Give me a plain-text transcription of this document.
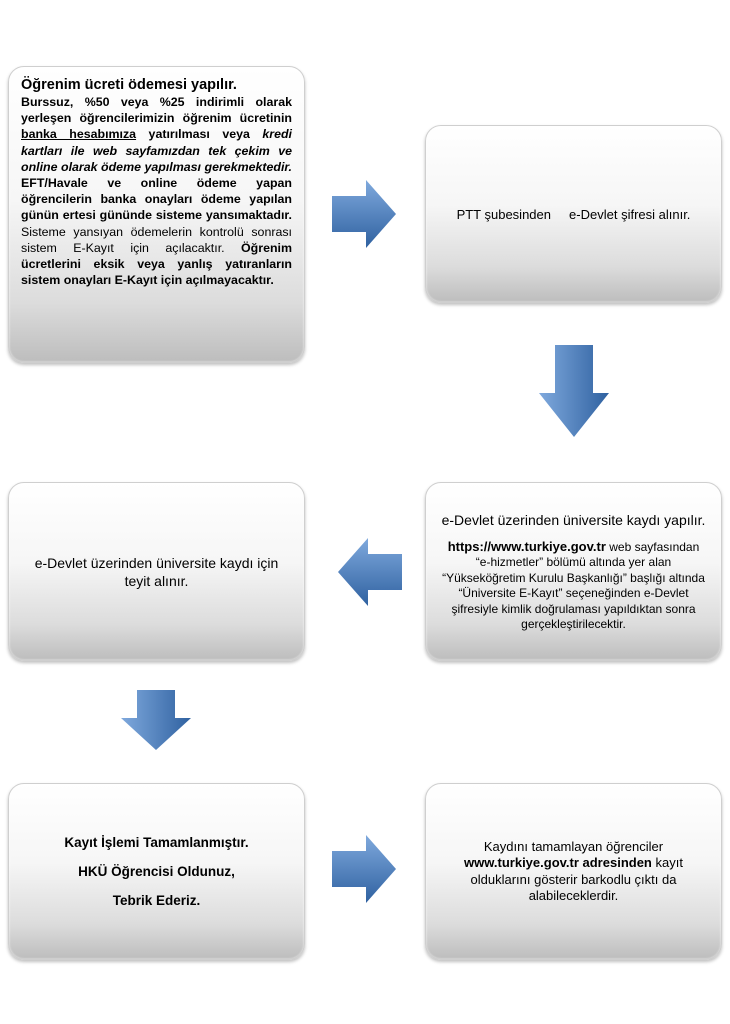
Öğrenim ücreti ödemesi yapılır.
Burssuz, %50 veya %25 indirimli olarak yerleşen öğrencilerimizin öğrenim ücretinin banka hesabımıza yatırılması veya kredi kartları ile web sayfamızdan tek çekim ve online olarak ödeme yapılması gerekmektedir. EFT/Havale ve online ödeme yapan öğrencilerin banka onayları ödeme yapılan günün ertesi gününde sisteme yansımaktadır. Sisteme yansıyan ödemelerin kontrolü sonrası sistem E-Kayıt için açılacaktır. Öğrenim ücretlerini eksik veya yanlış yatıranların sistem onayları E-Kayıt için açılmayacaktır.
PTT şubesinden     e-Devlet şifresi alınır.
e-Devlet üzerinden üniversite kaydı yapılır.
https://www.turkiye.gov.tr web sayfasından “e-hizmetler” bölümü altında yer alan “Yükseköğretim Kurulu Başkanlığı” başlığı altında “Üniversite E-Kayıt” seçeneğinden e-Devlet şifresiyle kimlik doğrulaması yapıldıktan sonra gerçekleştirilecektir.
e-Devlet üzerinden üniversite kaydı için teyit alınır.

Kayıt İşlemi Tamamlanmıştır.

HKÜ Öğrencisi Oldunuz,

Tebrik Ederiz.

Kaydını tamamlayan öğrenciler
www.turkiye.gov.tr adresinden kayıt olduklarını gösterir barkodlu çıktı da alabileceklerdir.
